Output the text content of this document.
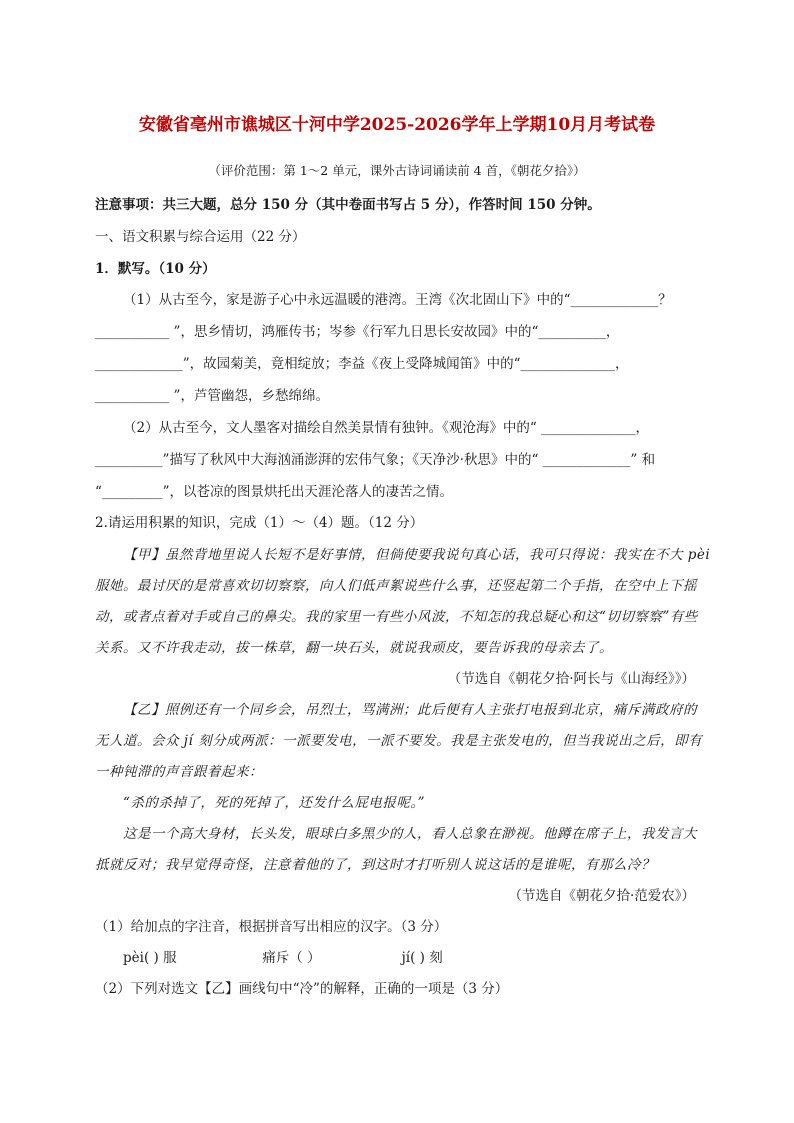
安徽省亳州市谯城区十河中学2025-2026学年上学期10月月考试卷
（评价范围：第 1～2 单元，课外古诗词诵读前 4 首，《朝花夕拾》）
注意事项：共三大题，总分 150 分（其中卷面书写占 5 分），作答时间 150 分钟。
一、语文积累与综合运用（22 分）
1．默写。（10 分）
（1）从古至今，家是游子心中永远温暖的港湾。王湾《次北固山下》中的“_____________？
___________ ”，思乡情切，鸿雁传书；岑参《行军九日思长安故园》中的“__________，
_____________”，故园菊美，竟相绽放；李益《夜上受降城闻笛》中的“______________，
___________ ”，芦管幽怨，乡愁绵绵。
（2）从古至今，文人墨客对描绘自然美景情有独钟。《观沧海》中的“ ______________，
__________”描写了秋风中大海汹涌澎湃的宏伟气象；《天净沙·秋思》中的“ _____________” 和
“_________”，以苍凉的图景烘托出天涯沦落人的凄苦之情。
2.请运用积累的知识，完成（1）～（4）题。（12 分）
【甲】虽然背地里说人长短不是好事情，但倘使要我说句真心话，我可只得说：我实在不大 pèi
服她。最讨厌的是常喜欢切切察察，向人们低声絮说些什么事，还竖起第二个手指，在空中上下摇
动，或者点着对手或自己的鼻尖。我的家里一有些小风波，不知怎的我总疑心和这“切切察察”有些
关系。又不许我走动，拔一株草，翻一块石头，就说我顽皮，要告诉我的母亲去了。
（节选自《朝花夕拾·阿长与《山海经》》）
【乙】照例还有一个同乡会，吊烈士，骂满洲；此后便有人主张打电报到北京，痛斥满政府的
无人道。会众 jí 刻分成两派：一派要发电，一派不要发。我是主张发电的，但当我说出之后，即有
一种钝滞的声音跟着起来：
“杀的杀掉了，死的死掉了，还发什么屁电报呢。”
这是一个高大身材，长头发，眼球白多黑少的人，看人总象在渺视。他蹲在席子上，我发言大
抵就反对；我早觉得奇怪，注意着他的了，到这时才打听别人说这话的是谁呢，有那么冷？
（节选自《朝花夕拾·范爱农》）
（1）给加点的字注音，根据拼音写出相应的汉字。（3 分）
pèi( ) 服	痛斥（ ）	jí( ) 刻
（2）下列对选文【乙】画线句中“冷”的解释，正确的一项是（3 分）
